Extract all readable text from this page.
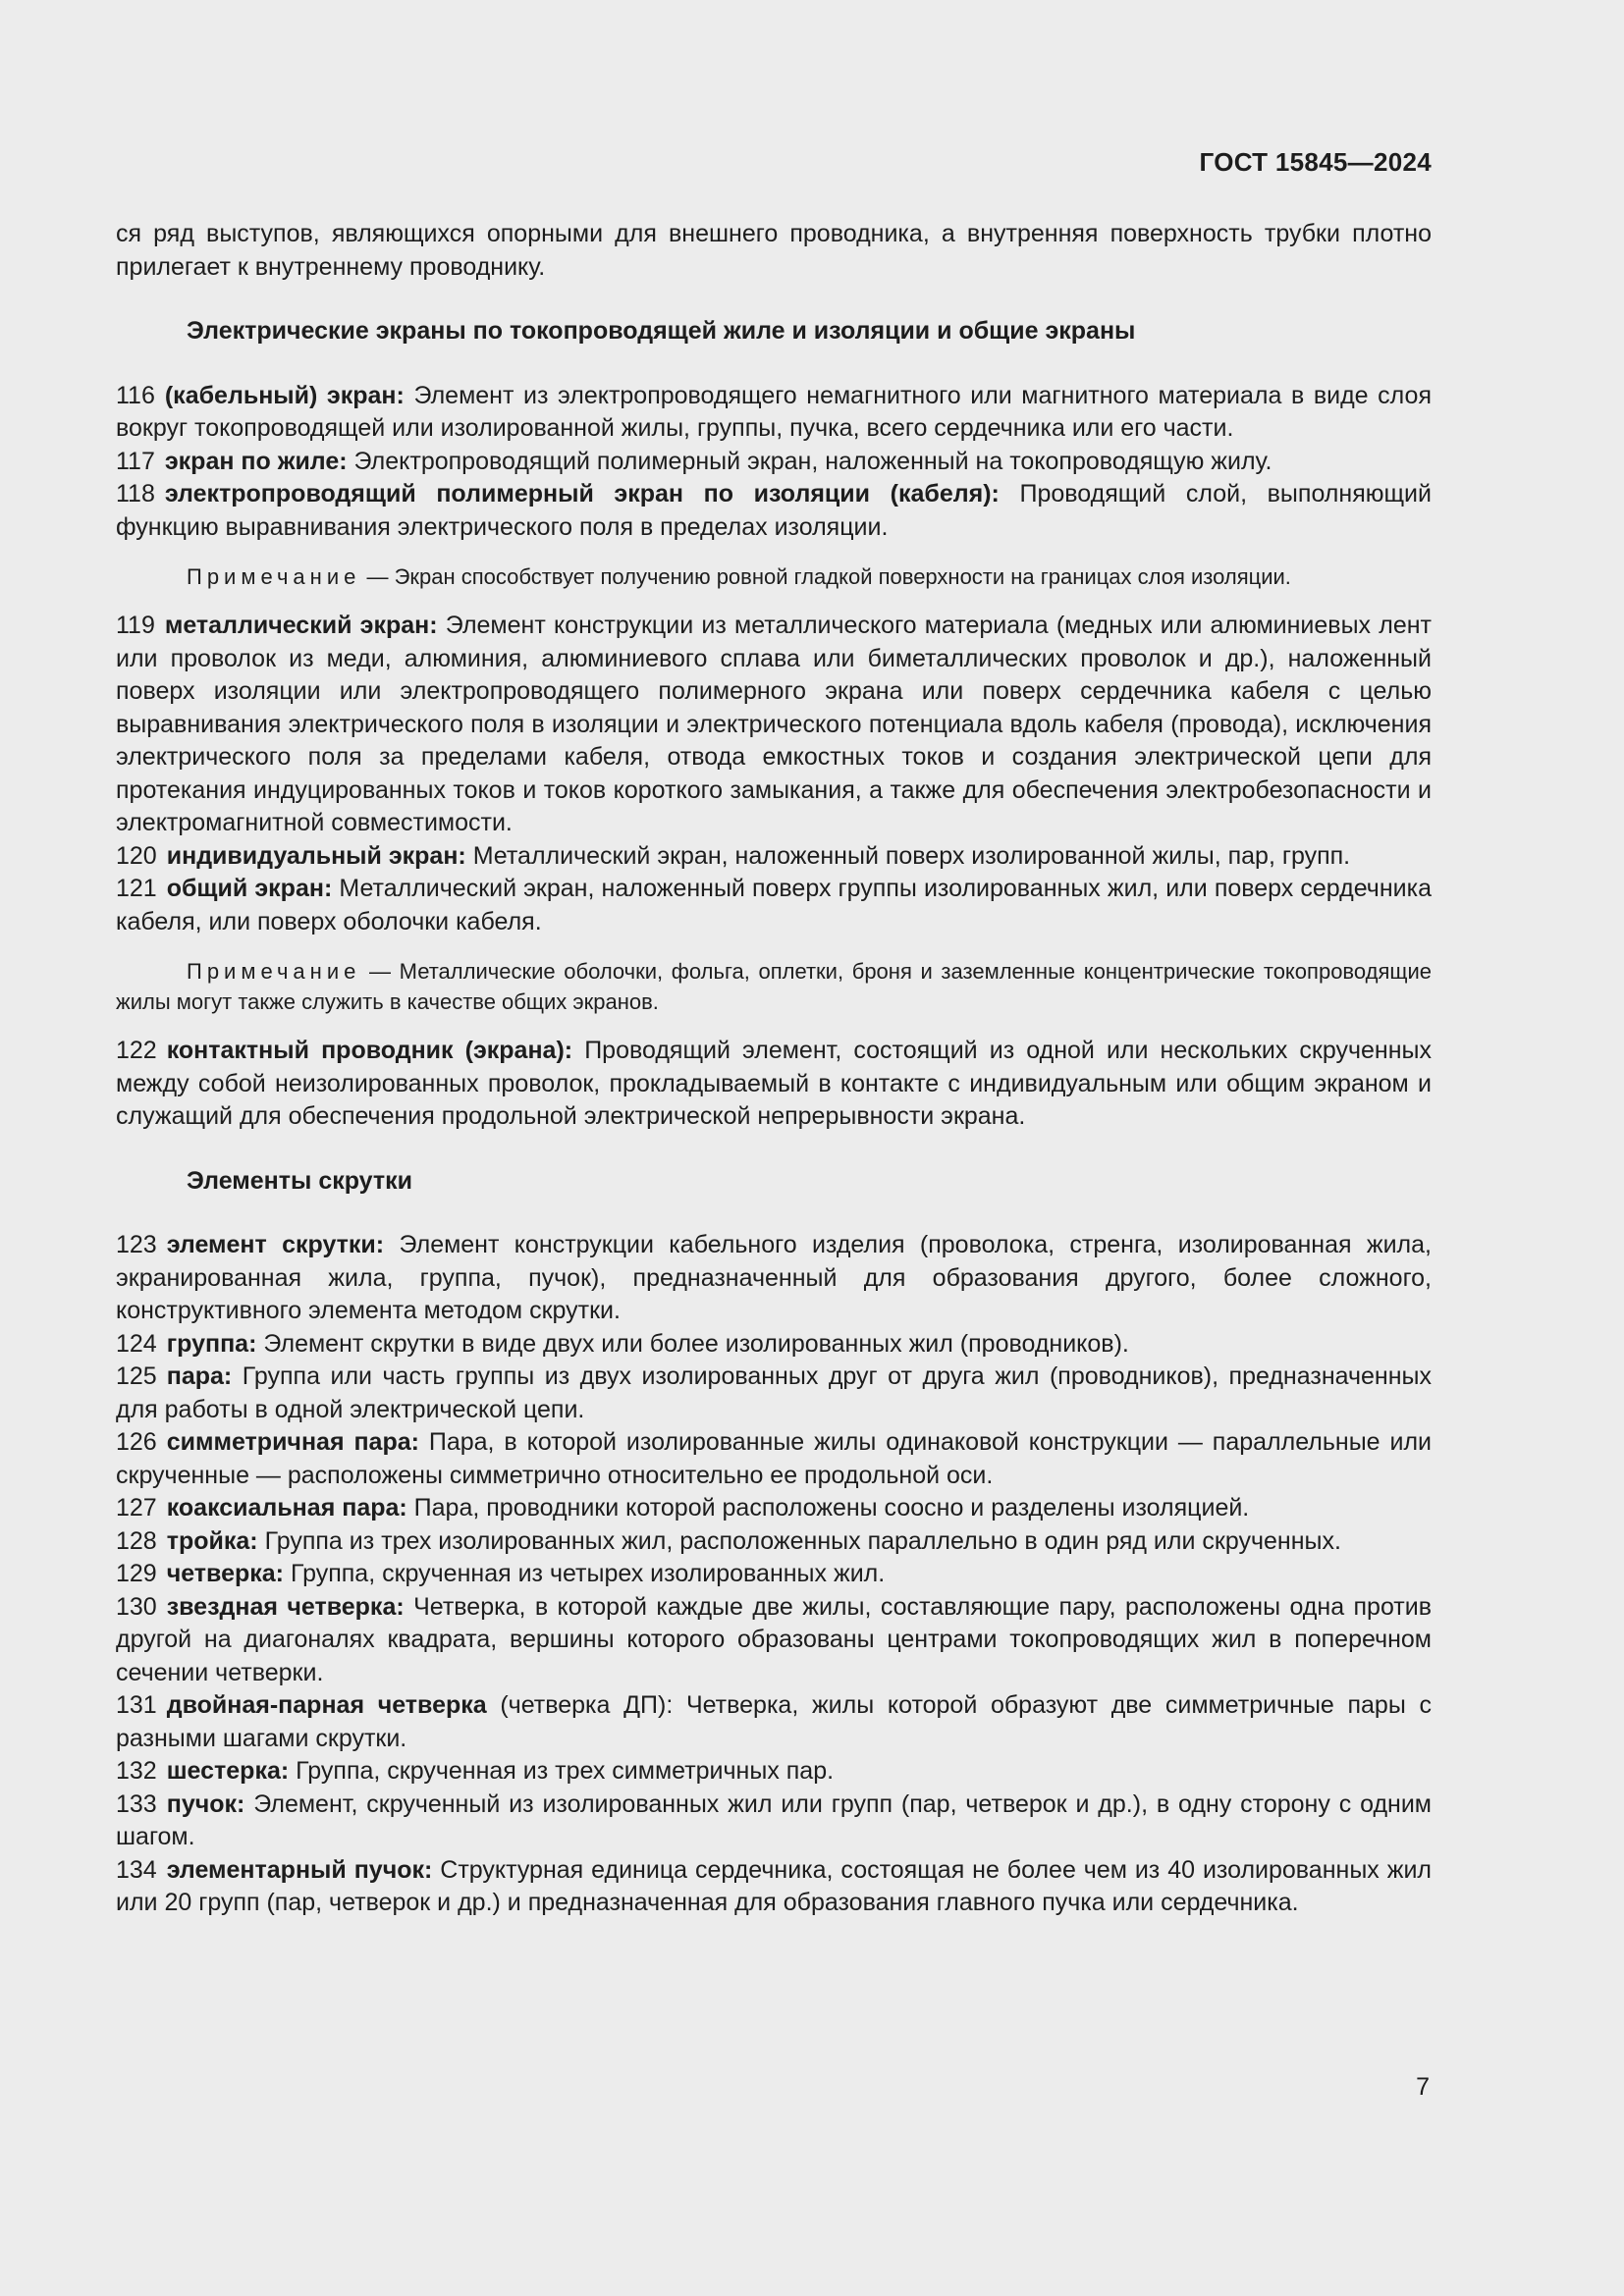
ГОСТ 15845—2024

ся ряд выступов, являющихся опорными для внешнего проводника, а внутренняя поверхность трубки плотно прилегает к внутреннему проводнику.

Электрические экраны по токопроводящей жиле и изоляции и общие экраны

116 (кабельный) экран: Элемент из электропроводящего немагнитного или магнитного материала в виде слоя вокруг токопроводящей или изолированной жилы, группы, пучка, всего сердечника или его части.

117 экран по жиле: Электропроводящий полимерный экран, наложенный на токопроводящую жилу.

118 электропроводящий полимерный экран по изоляции (кабеля): Проводящий слой, выполняющий функцию выравнивания электрического поля в пределах изоляции.

Примечание — Экран способствует получению ровной гладкой поверхности на границах слоя изоляции.

119 металлический экран: Элемент конструкции из металлического материала (медных или алюминиевых лент или проволок из меди, алюминия, алюминиевого сплава или биметаллических проволок и др.), наложенный поверх изоляции или электропроводящего полимерного экрана или поверх сердечника кабеля с целью выравнивания электрического поля в изоляции и электрического потенциала вдоль кабеля (провода), исключения электрического поля за пределами кабеля, отвода емкостных токов и создания электрической цепи для протекания индуцированных токов и токов короткого замыкания, а также для обеспечения электробезопасности и электромагнитной совместимости.

120 индивидуальный экран: Металлический экран, наложенный поверх изолированной жилы, пар, групп.

121 общий экран: Металлический экран, наложенный поверх группы изолированных жил, или поверх сердечника кабеля, или поверх оболочки кабеля.

Примечание — Металлические оболочки, фольга, оплетки, броня и заземленные концентрические токопроводящие жилы могут также служить в качестве общих экранов.

122 контактный проводник (экрана): Проводящий элемент, состоящий из одной или нескольких скрученных между собой неизолированных проволок, прокладываемый в контакте с индивидуальным или общим экраном и служащий для обеспечения продольной электрической непрерывности экрана.

Элементы скрутки

123 элемент скрутки: Элемент конструкции кабельного изделия (проволока, стренга, изолированная жила, экранированная жила, группа, пучок), предназначенный для образования другого, более сложного, конструктивного элемента методом скрутки.

124 группа: Элемент скрутки в виде двух или более изолированных жил (проводников).

125 пара: Группа или часть группы из двух изолированных друг от друга жил (проводников), предназначенных для работы в одной электрической цепи.

126 симметричная пара: Пара, в которой изолированные жилы одинаковой конструкции — параллельные или скрученные — расположены симметрично относительно ее продольной оси.

127 коаксиальная пара: Пара, проводники которой расположены соосно и разделены изоляцией.

128 тройка: Группа из трех изолированных жил, расположенных параллельно в один ряд или скрученных.

129 четверка: Группа, скрученная из четырех изолированных жил.

130 звездная четверка: Четверка, в которой каждые две жилы, составляющие пару, расположены одна против другой на диагоналях квадрата, вершины которого образованы центрами токопроводящих жил в поперечном сечении четверки.

131 двойная-парная четверка (четверка ДП): Четверка, жилы которой образуют две симметричные пары с разными шагами скрутки.

132 шестерка: Группа, скрученная из трех симметричных пар.

133 пучок: Элемент, скрученный из изолированных жил или групп (пар, четверок и др.), в одну сторону с одним шагом.

134 элементарный пучок: Структурная единица сердечника, состоящая не более чем из 40 изолированных жил или 20 групп (пар, четверок и др.) и предназначенная для образования главного пучка или сердечника.

7
